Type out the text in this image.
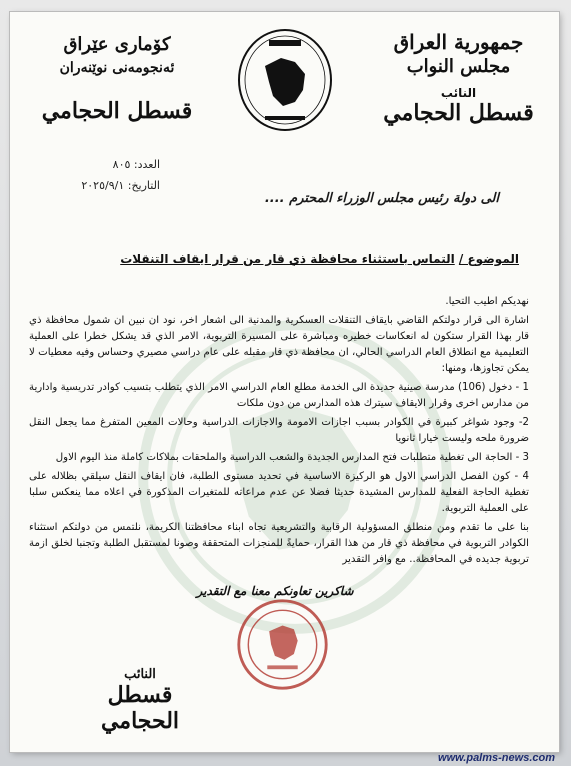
جمهورية العراق
مجلس النواب
النائب
قسطل الحجامي
كۆماری عێراق
ئەنجومەنی نوێنەران
قسطل الحجامي
العدد: ٨٠٥
التاريخ: ٢٠٢٥/٩/١
الى دولة رئيس مجلس الوزراء المحترم ....
الموضوع / التماس باستثناء محافظة ذي قار من قرار ايقاف التنقلات

نهديكم اطيب التحيا.

اشارة الى قرار دولتكم القاضي بايقاف التنقلات العسكرية والمدنية الى اشعار اخر، نود ان نبين ان شمول محافظة ذي قار بهذا القرار ستكون له انعكاسات خطيره ومباشرة على المسيرة التربوية، الامر الذي قد يشكل خطرا على العملية التعليمية مع انطلاق العام الدراسي الحالي، ان محافظة ذي قار مقبله على عام دراسي مصيري وحساس وفيه معطيات لا يمكن تجاوزها، ومنها:

1 - دخول (106) مدرسة صينية جديدة الى الخدمة مطلع العام الدراسي الامر الذي يتطلب بتسيب كوادر تدريسية وادارية من مدارس اخرى وقرار الايقاف سيترك هذه المدارس من دون ملكات

2- وجود شواغر كبيرة في الكوادر بسبب اجازات الامومة والاجازات الدراسية وحالات المعين المتفرغ مما يجعل النقل ضرورة ملحه وليست خيارا ثانويا

3 - الحاجة الى تغطية متطلبات فتح المدارس الجديدة والشعب الدراسية والملحقات بملاكات كاملة منذ اليوم الاول

4 - كون الفصل الدراسي الاول هو الركيزة الاساسية في تحديد مستوى الطلبة، فان ايقاف النقل سيلقي بظلاله على تغطية الحاجة الفعلية للمدارس المشيدة حديثا فضلا عن عدم مراعاته للمتغيرات المذكورة في اعلاه مما ينعكس سلبا على العملية التربوية.

بنا على ما تقدم ومن منطلق المسؤولية الرقابية والتشريعية تجاه ابناء محافظتنا الكريمة، نلتمس من دولتكم استثناء الكوادر التربوية في محافظة ذي قار من هذا القرار، حمايةً للمنجزات المتحققة وصونا لمستقبل الطلبة وتجنبا لخلق ازمة تربوية جديده في المحافظة.. مع وافر التقدير

شاكرين تعاونكم معنا مع التقدير
النائب
قسطل الحجامي
www.palms-news.com
